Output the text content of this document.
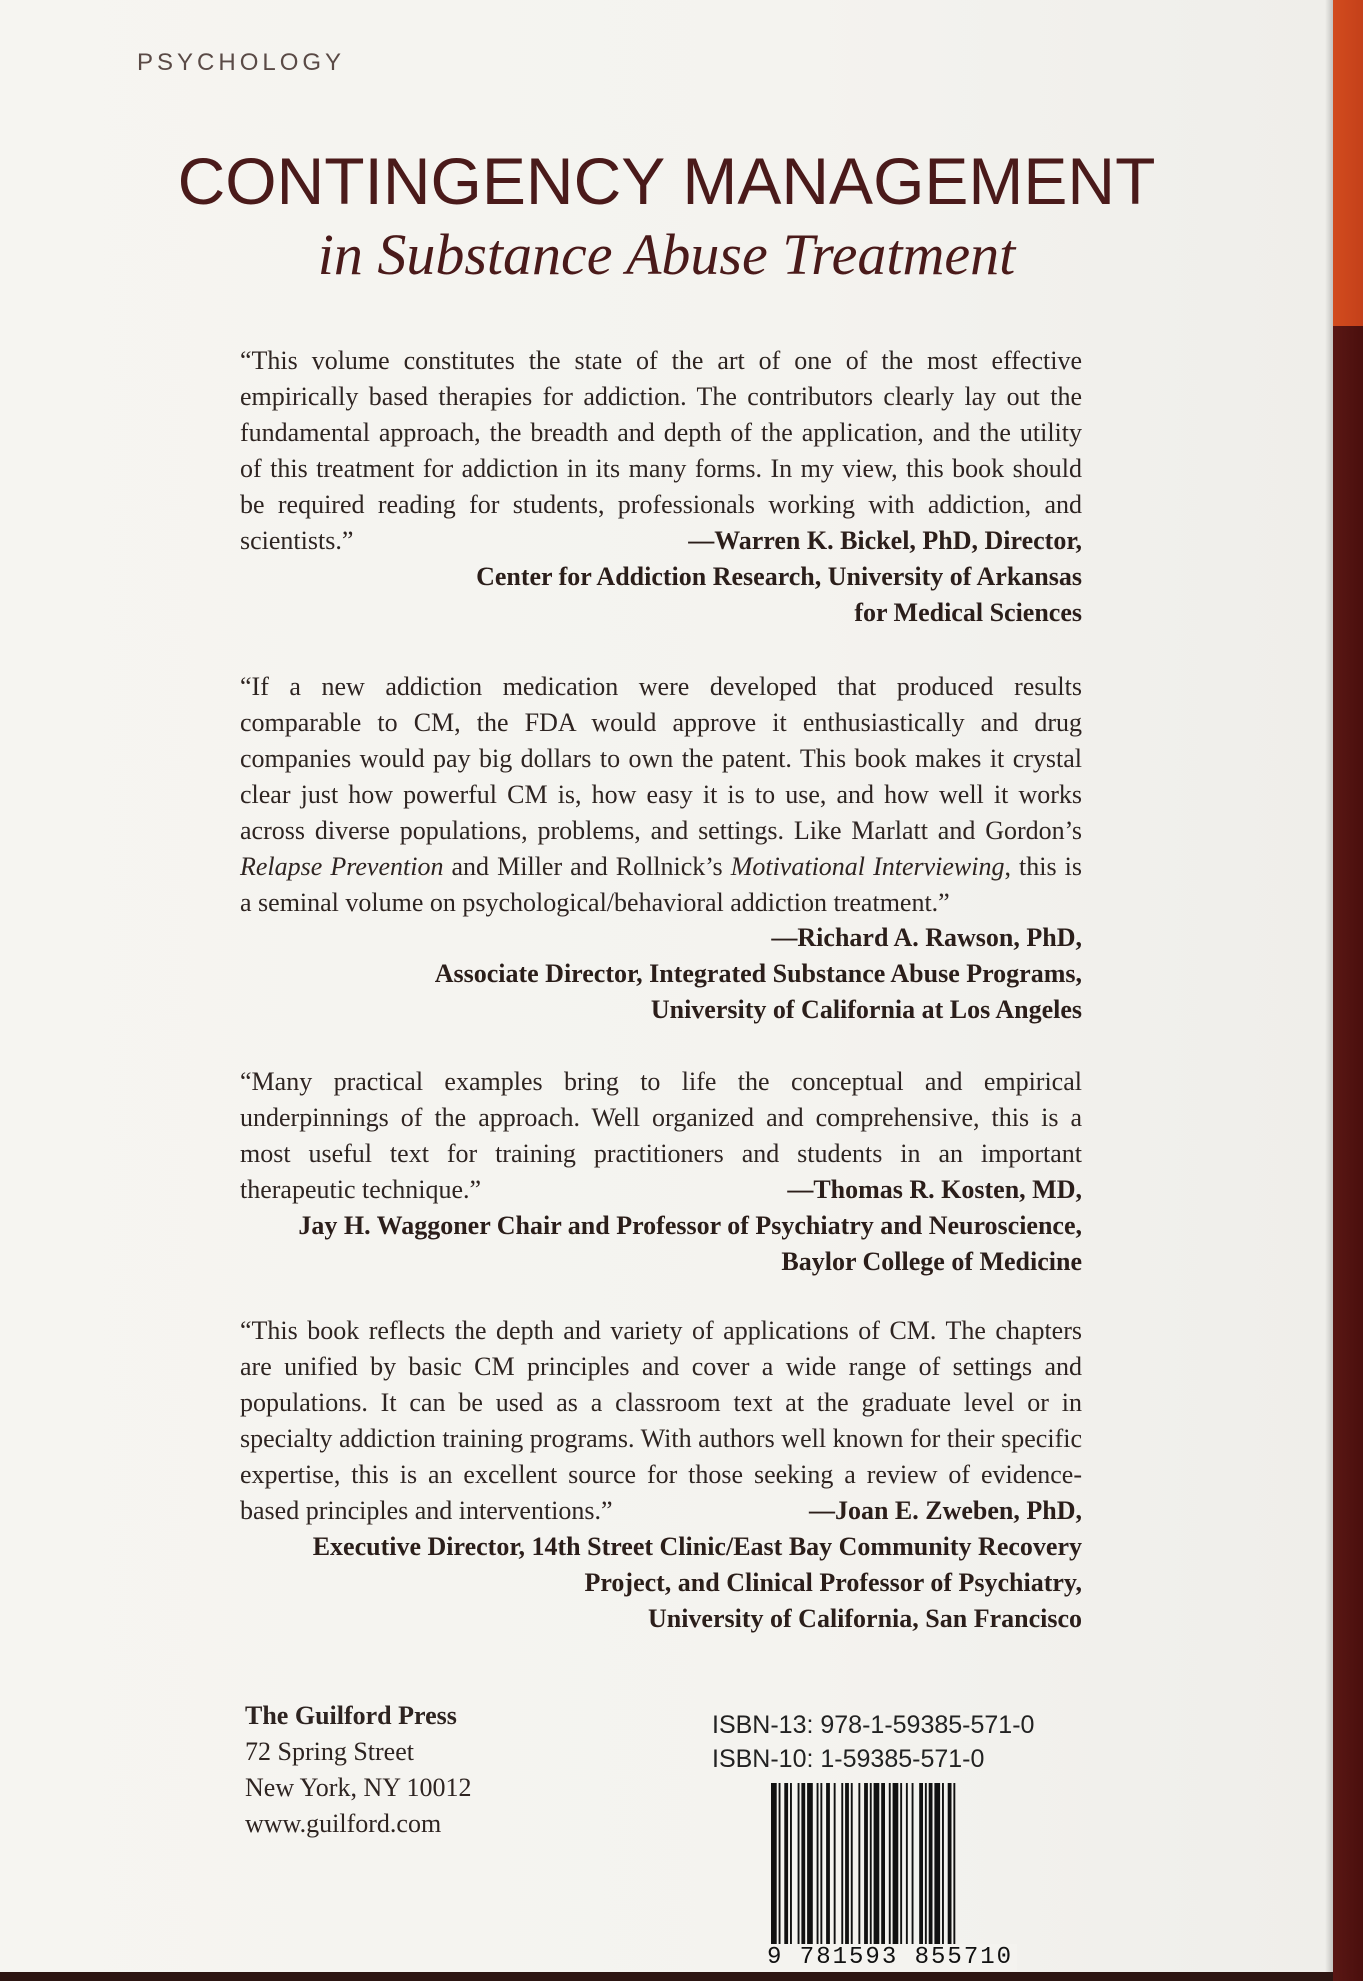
PSYCHOLOGY
CONTINGENCY MANAGEMENT
in Substance Abuse Treatment
“This volume constitutes the state of the art of one of the most effective empirically based therapies for addiction. The contributors clearly lay out the fundamental approach, the breadth and depth of the application, and the utility of this treatment for addiction in its many forms. In my view, this book should be required reading for students, professionals working with addiction, and scientists.”	—Warren K. Bickel, PhD, Director,
Center for Addiction Research, University of Arkansas
for Medical Sciences
“If a new addiction medication were developed that produced results comparable to CM, the FDA would approve it enthusiastically and drug companies would pay big dollars to own the patent. This book makes it crystal clear just how powerful CM is, how easy it is to use, and how well it works across diverse populations, problems, and settings. Like Marlatt and Gordon’s Relapse Prevention and Miller and Rollnick’s Motivational Interviewing, this is a seminal volume on psychological/behavioral addiction treatment.”
—Richard A. Rawson, PhD,
Associate Director, Integrated Substance Abuse Programs,
University of California at Los Angeles
“Many practical examples bring to life the conceptual and empirical underpinnings of the approach. Well organized and comprehensive, this is a most useful text for training practitioners and students in an important therapeutic technique.”	—Thomas R. Kosten, MD,
Jay H. Waggoner Chair and Professor of Psychiatry and Neuroscience,
Baylor College of Medicine
“This book reflects the depth and variety of applications of CM. The chapters are unified by basic CM principles and cover a wide range of settings and populations. It can be used as a classroom text at the graduate level or in specialty addiction training programs. With authors well known for their specific expertise, this is an excellent source for those seeking a review of evidence-based principles and interventions.”	—Joan E. Zweben, PhD,
Executive Director, 14th Street Clinic/East Bay Community Recovery
Project, and Clinical Professor of Psychiatry,
University of California, San Francisco
The Guilford Press
72 Spring Street
New York, NY 10012
www.guilford.com
ISBN-13: 978-1-59385-571-0
ISBN-10: 1-59385-571-0
9 781593 855710
